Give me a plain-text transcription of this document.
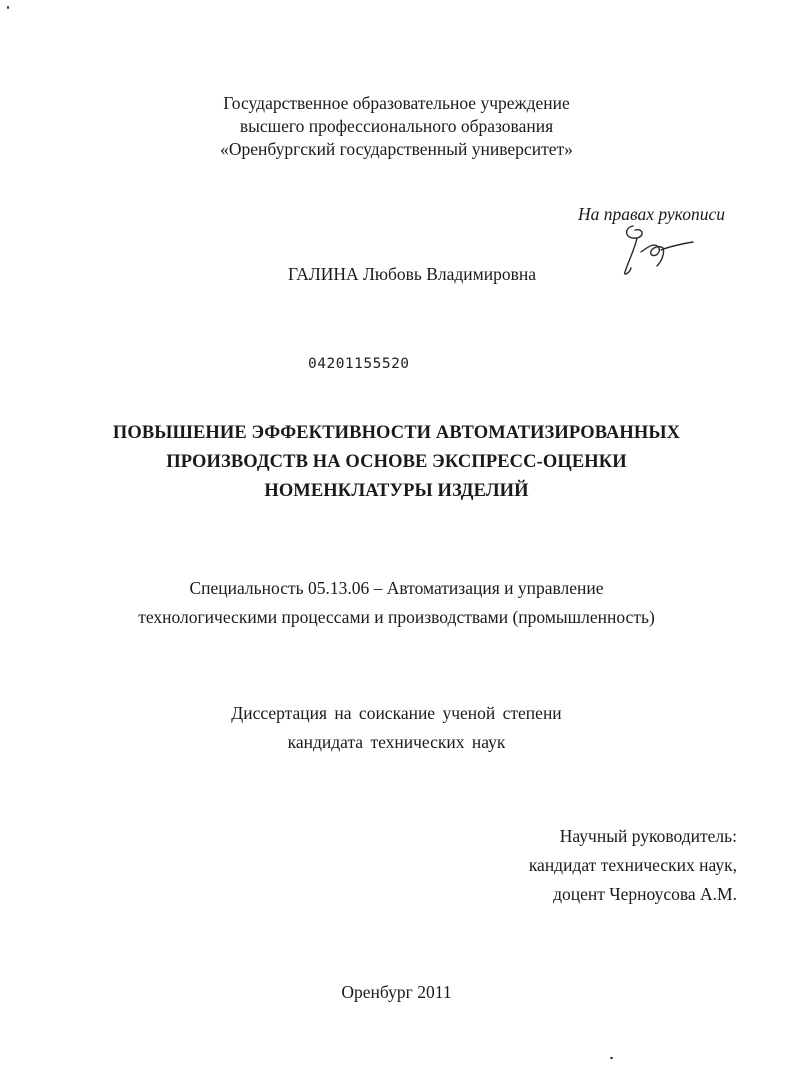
Государственное образовательное учреждение
высшего профессионального образования
«Оренбургский государственный университет»
На правах рукописи
ГАЛИНА Любовь Владимировна
04201155520
ПОВЫШЕНИЕ ЭФФЕКТИВНОСТИ АВТОМАТИЗИРОВАННЫХ
ПРОИЗВОДСТВ НА ОСНОВЕ ЭКСПРЕСС-ОЦЕНКИ
НОМЕНКЛАТУРЫ ИЗДЕЛИЙ
Специальность 05.13.06 – Автоматизация и управление
технологическими процессами и производствами (промышленность)
Диссертация на соискание ученой степени
кандидата технических наук
Научный руководитель:
кандидат технических наук,
доцент Черноусова А.М.
Оренбург 2011
